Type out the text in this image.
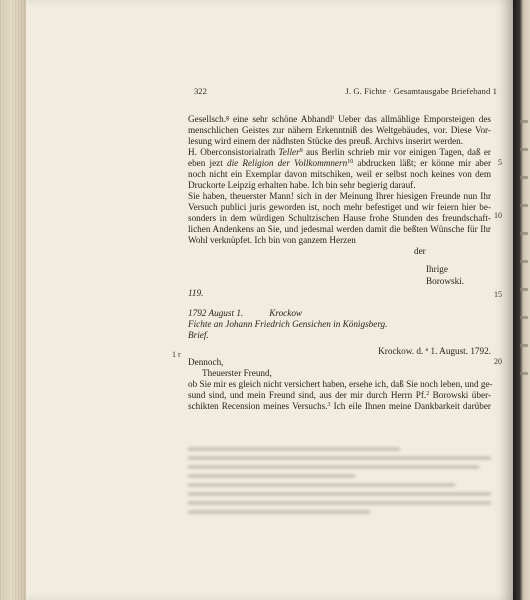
322	J. G. Fichte · Gesamtausgabe Briefeband 1
Gesellsch.$^g$ eine sehr schöne Abhandl$^i$ Ueber das allmählige Emporsteigen des
menschlichen Geistes zur nähern Erkenntniß des Weltgebäudes, vor. Diese Vor-
lesung wird einem der nädhsten Stücke des preuß. Archivs inserirt werden.
H. Oberconsistorialrath Teller$^9$ aus Berlin schrieb mir vor einigen Tagen, daß er
eben jezt die Religion der Vollkommnern$^{10}$ abdrucken läßt; er könne mir aber
noch nicht ein Exemplar davon mitschiken, weil er selbst noch keines von dem
Druckorte Leipzig erhalten habe. Ich bin sehr begierig darauf.
Sie haben, theuerster Mann! sich in der Meinung Ihrer hiesigen Freunde nun Ihr
Versuch publici juris geworden ist, noch mehr befestiget und wir feiern hier be-
sonders in dem würdigen Schultzischen Hause frohe Stunden des freundschaft-
lichen Andenkens an Sie, und jedesmal werden damit die beßten Wünsche für Ihr
Wohl verknüpfet. Ich bin von ganzem Herzen
der
Ihrige
Borowski.
5
10
15
20
119.
1792 August 1.	Krockow
Fichte an Johann Friedrich Gensichen in Königsberg.
Brief.
1 r	Krockow. d. $^a$ 1. August. 1792.
Dennoch,
Theuerster Freund,
ob Sie mir es gleich nicht versichert haben, ersehe ich, daß Sie noch leben, und ge-
sund sind, und mein Freund sind, aus der mir durch Herrn Pf.$^2$ Borowski über-
schikten Recension meines Versuchs.$^3$ Ich eile Ihnen meine Dankbarkeit darüber
